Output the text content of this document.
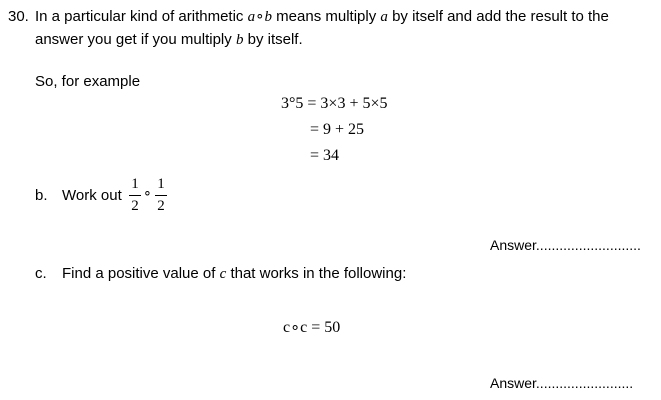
30. In a particular kind of arithmetic a∘b means multiply a by itself and add the result to the
answer you get if you multiply b by itself.
So, for example
3°5 = 3×3 + 5×5
= 9 + 25
= 34
b. Work out
1
2
∘
1
2
Answer...........................
c. Find a positive value of c that works in the following:
c∘c = 50
Answer.........................
